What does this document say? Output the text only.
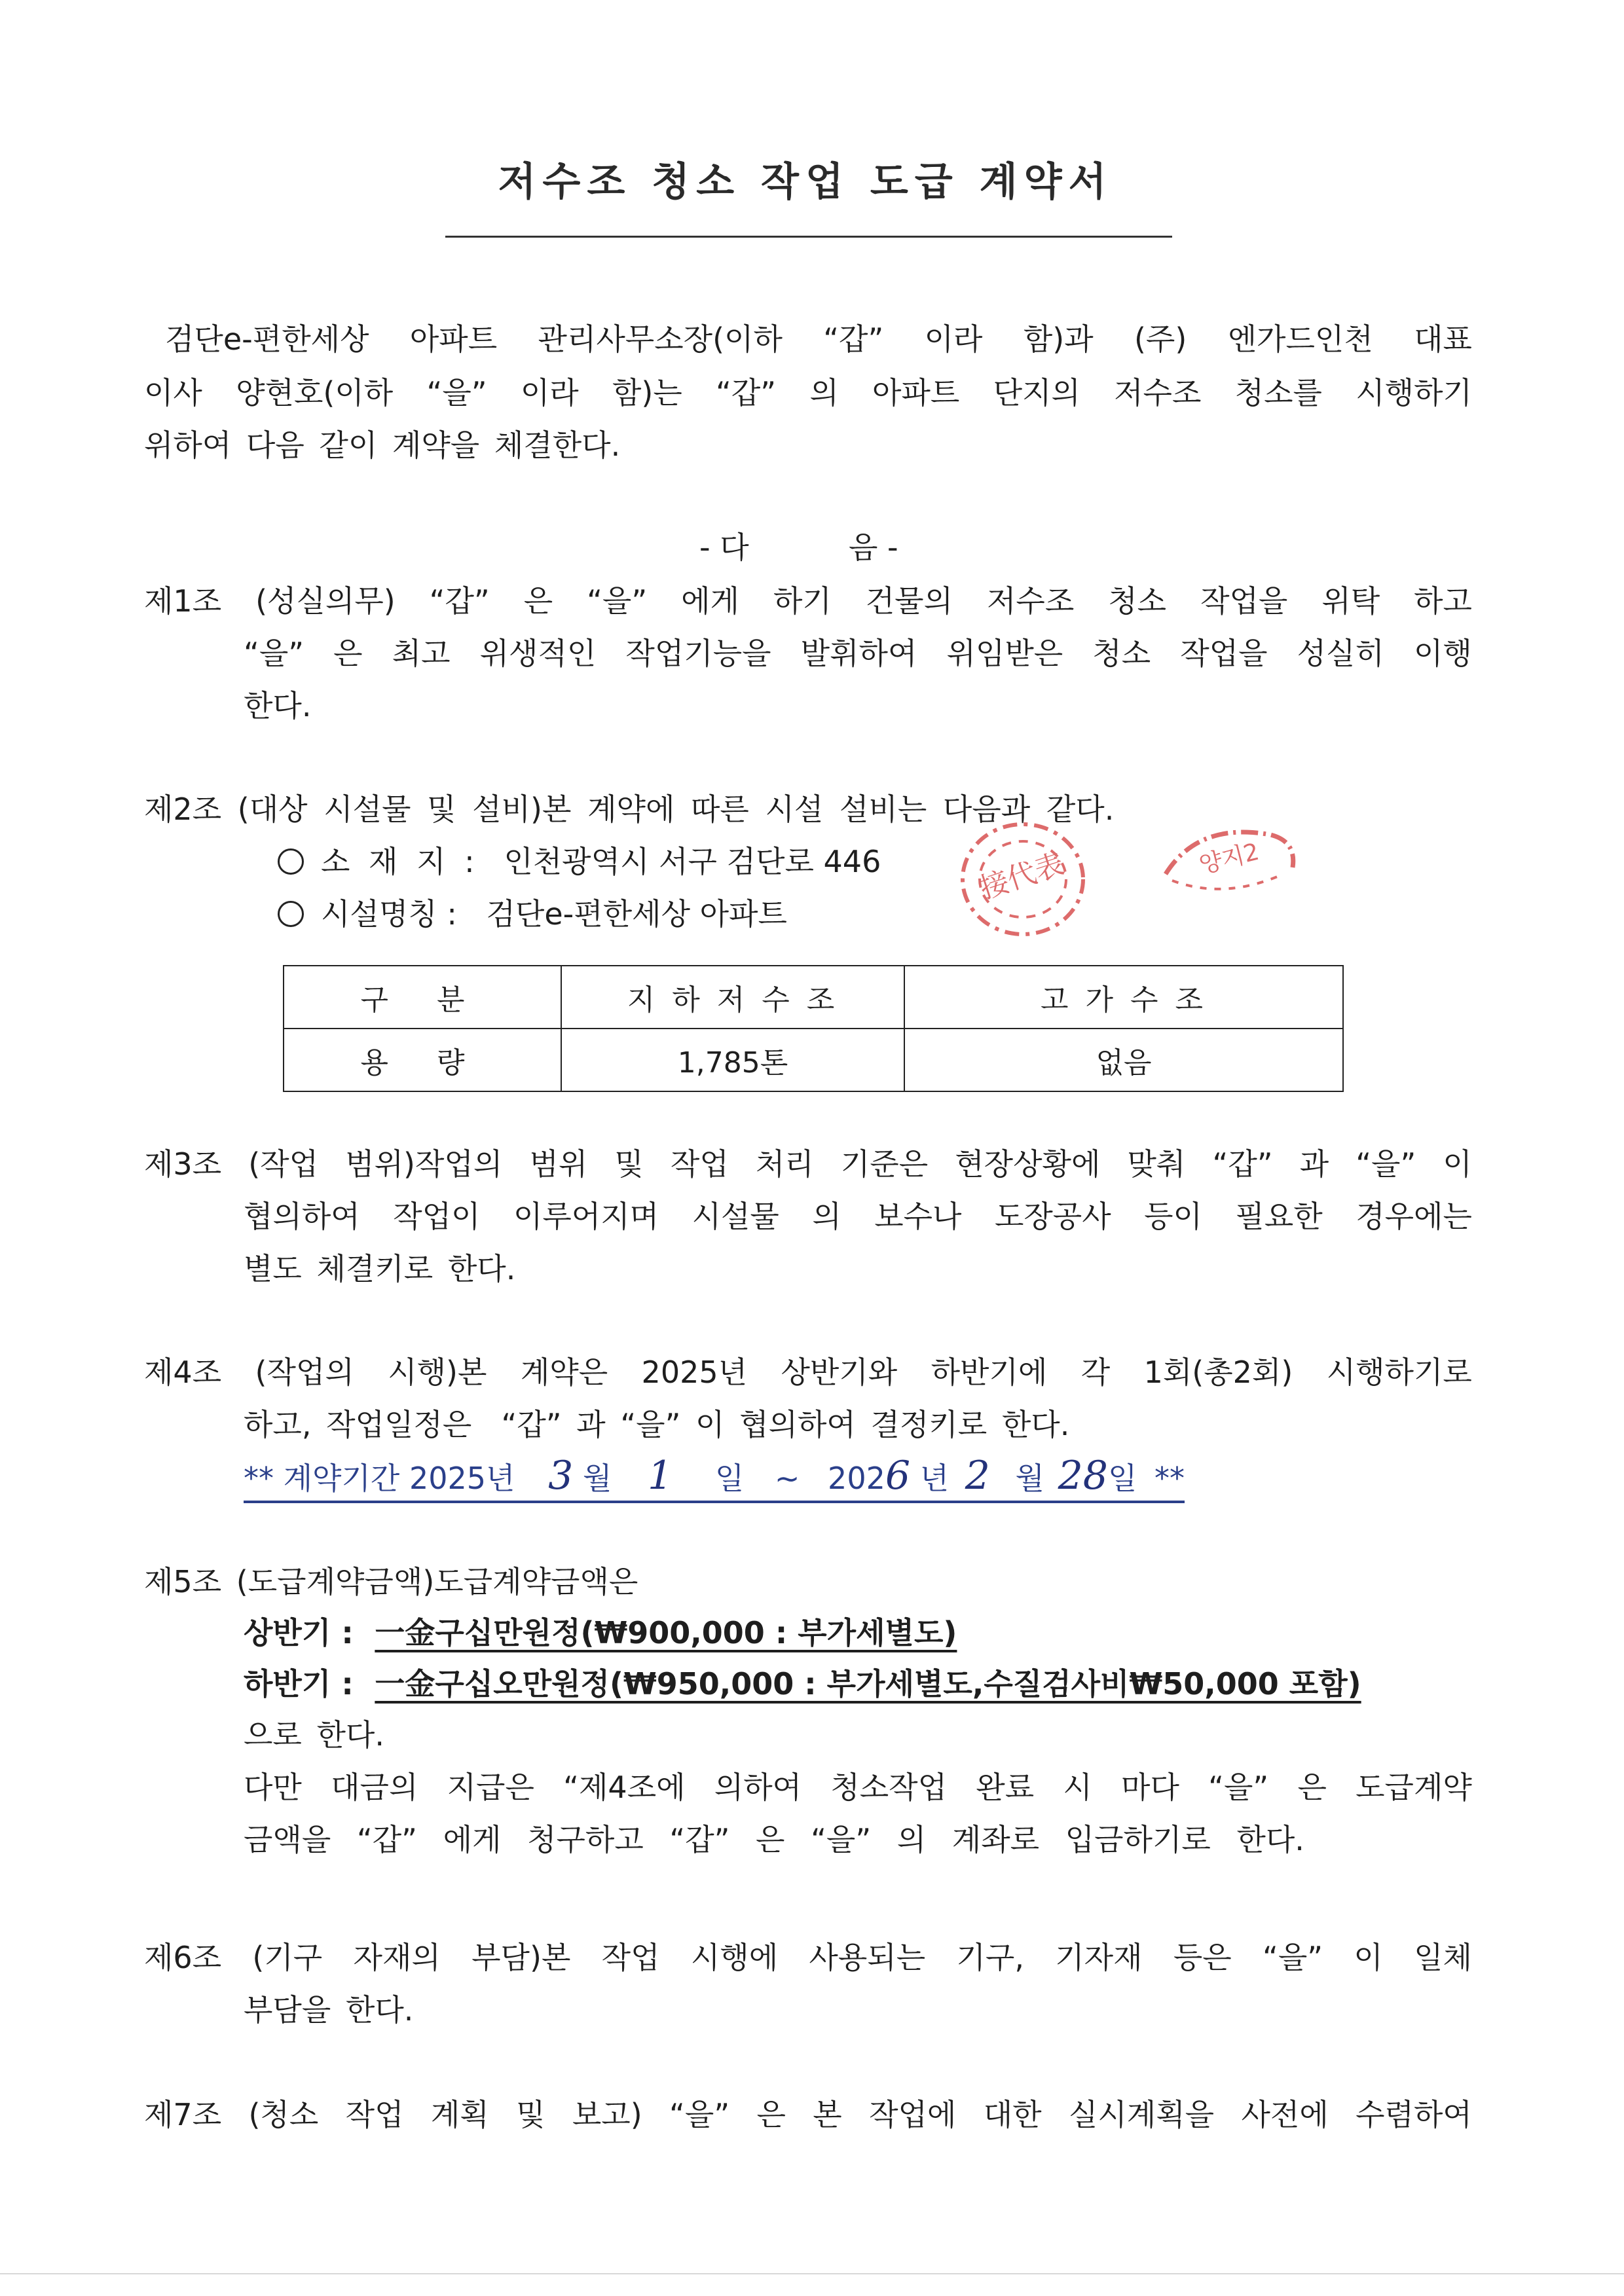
저수조 청소 작업 도급 계약서
검단e-편한세상 아파트 관리사무소장(이하 “갑” 이라 함)과 (주) 엔가드인천 대표
이사 양현호(이하 “을” 이라 함)는 “갑” 의 아파트 단지의 저수조 청소를 시행하기
위하여 다음 같이 계약을 체결한다.
- 다	음 -
제1조 (성실의무) “갑” 은 “을” 에게 하기 건물의 저수조 청소 작업을 위탁 하고
“을” 은 최고 위생적인 작업기능을 발휘하여 위임받은 청소 작업을 성실히 이행
한다.
제2조 (대상 시설물 및 설비)본 계약에 따른 시설 설비는 다음과 같다.
소 재 지 : 인천광역시 서구 검단로 446
시설명칭 : 검단e-편한세상 아파트
接代表	양지2
구 분	지 하 저 수 조	고 가 수 조
용 량	1,785톤	없음
제3조 (작업 범위)작업의 범위 및 작업 처리 기준은 현장상황에 맞춰 “갑” 과 “을” 이
협의하여 작업이 이루어지며 시설물 의 보수나 도장공사 등이 필요한 경우에는
별도 체결키로 한다.
제4조 (작업의 시행)본 계약은 2025년 상반기와 하반기에 각 1회(총2회) 시행하기로
하고, 작업일정은  “갑” 과 “을” 이 협의하여 결정키로 한다.
** 계약기간 2025년 3 월 1 일 ~ 2026 년 2 월 28일 **
제5조 (도급계약금액)도급계약금액은
상반기 : 一金구십만원정(₩900,000 : 부가세별도)
하반기 : 一金구십오만원정(₩950,000 : 부가세별도,수질검사비₩50,000 포함)
으로 한다.
다만 대금의 지급은 “제4조에 의하여 청소작업 완료 시 마다 “을” 은 도급계약
금액을 “갑” 에게 청구하고 “갑” 은 “을” 의 계좌로 입금하기로 한다.
제6조 (기구 자재의 부담)본 작업 시행에 사용되는 기구, 기자재 등은 “을” 이 일체
부담을 한다.
제7조 (청소 작업 계획 및 보고) “을” 은 본 작업에 대한 실시계획을 사전에 수렴하여
